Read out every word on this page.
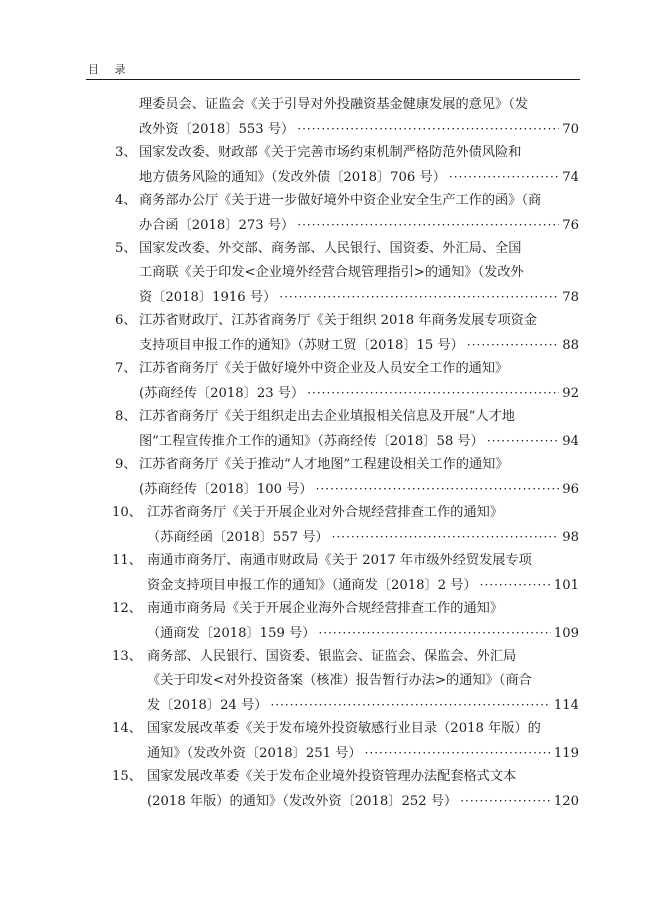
目 录
理委员会、证监会《关于引导对外投融资基金健康发展的意见》（发
改外资〔2018〕553 号） ·····	70
3、 国家发改委、财政部《关于完善市场约束机制严格防范外债风险和
地方债务风险的通知》（发改外债〔2018〕706 号） ·····	74
4、 商务部办公厅《关于进一步做好境外中资企业安全生产工作的函》（商
办合函〔2018〕273 号） ·····	76
5、 国家发改委、外交部、商务部、人民银行、国资委、外汇局、全国
工商联《关于印发<企业境外经营合规管理指引>的通知》（发改外
资〔2018〕1916 号） ·····	78
6、 江苏省财政厅、江苏省商务厅《关于组织 2018 年商务发展专项资金
支持项目申报工作的通知》（苏财工贸〔2018〕15 号） ·····	88
7、 江苏省商务厅《关于做好境外中资企业及人员安全工作的通知》
(苏商经传〔2018〕23 号） ·····	92
8、 江苏省商务厅《关于组织走出去企业填报相关信息及开展“人才地
图”工程宣传推介工作的通知》（苏商经传〔2018〕58 号） ·····	94
9、 江苏省商务厅《关于推动“人才地图”工程建设相关工作的通知》
(苏商经传〔2018〕100 号） ·····	96
10、 江苏省商务厅《关于开展企业对外合规经营排查工作的通知》
（苏商经函〔2018〕557 号） ·····	98
11、 南通市商务厅、南通市财政局《关于 2017 年市级外经贸发展专项
资金支持项目申报工作的通知》（通商发〔2018〕2 号） ·····	101
12、 南通市商务局《关于开展企业海外合规经营排查工作的通知》
（通商发〔2018〕159 号） ·····	109
13、 商务部、人民银行、国资委、银监会、证监会、保监会、外汇局
《关于印发<对外投资备案（核准）报告暂行办法>的通知》（商合
发〔2018〕24 号） ·····	114
14、 国家发展改革委《关于发布境外投资敏感行业目录（2018 年版）的
通知》（发改外资〔2018〕251 号） ·····	119
15、 国家发展改革委《关于发布企业境外投资管理办法配套格式文本
(2018 年版）的通知》（发改外资〔2018〕252 号） ·····	120
